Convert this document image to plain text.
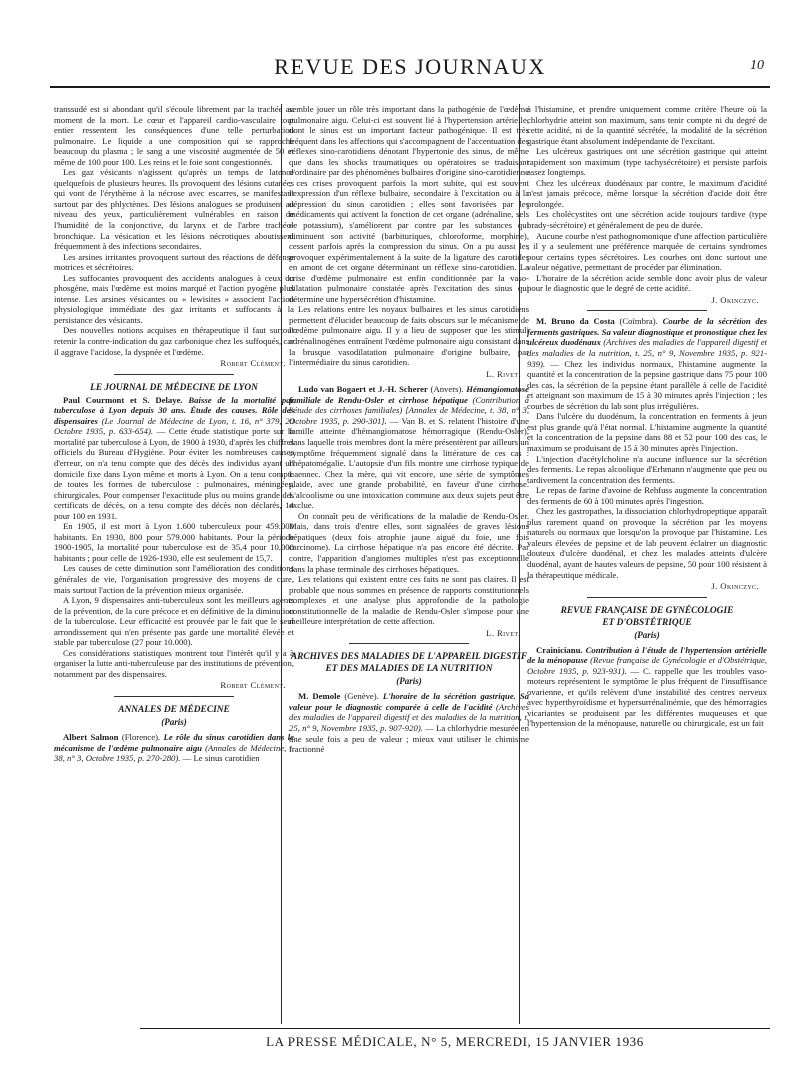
REVUE DES JOURNAUX	10

transsudé est si abondant qu'il s'écoule librement par la trachée au moment de la mort. Le cœur et l'appareil cardio-vasculaire tout entier ressentent les conséquences d'une telle perturbation pulmonaire. Le liquide a une composition qui se rapproche beaucoup du plasma ; le sang a une viscosité augmentée de 50 et même de 100 pour 100. Les reins et le foie sont congestionnés.

Les gaz vésicants n'agissent qu'après un temps de latence quelquefois de plusieurs heures. Ils provoquent des lésions cutanées qui vont de l'érythème à la nécrose avec escarres, se manifestant surtout par des phlyctènes. Des lésions analogues se produisent au niveau des yeux, particulièrement vulnérables en raison de l'humidité de la conjonctive, du larynx et de l'arbre trachéo-bronchique. La vésication et les lésions nécrotiques aboutissent fréquemment à des infections secondaires.

Les arsines irritantes provoquent surtout des réactions de défense motrices et sécrétoires.

Les suffocantes provoquent des accidents analogues à ceux du phosgène, mais l'œdème est moins marqué et l'action pyogène plus intense. Les arsines vésicantes ou « lewisites » associent l'action physiologique immédiate des gaz irritants et suffocants à la persistance des vésicants.

Des nouvelles notions acquises en thérapeutique il faut surtout retenir la contre-indication du gaz carbonique chez les suffoqués, car il aggrave l'acidose, la dyspnée et l'œdème.

Robert Clément.
LE JOURNAL DE MÉDECINE DE LYON

Paul Courmont et S. Delaye. Baisse de la mortalité par tuberculose à Lyon depuis 30 ans. Étude des causes. Rôle des dispensaires (Le Journal de Médecine de Lyon, t. 16, n° 379, 20 Octobre 1935, p. 633-654). — Cette étude statistique porte sur la mortalité par tuberculose à Lyon, de 1900 à 1930, d'après les chiffres officiels du Bureau d'Hygiène. Pour éviter les nombreuses causes d'erreur, on n'a tenu compte que des décès des individus ayant un domicile fixe dans Lyon même et morts à Lyon. On a tenu compte de toutes les formes de tuberculose : pulmonaires, méningées, chirurgicales. Pour compenser l'exactitude plus ou moins grande des certificats de décès, on a tenu compte des décès non déclarés, 14 pour 100 en 1931.

En 1905, il est mort à Lyon 1.600 tuberculeux pour 459.000 habitants. En 1930, 800 pour 579.000 habitants. Pour la période 1900-1905, la mortalité pour tuberculose est de 35,4 pour 10.000 habitants ; pour celle de 1926-1930, elle est seulement de 15,7.

Les causes de cette diminution sont l'amélioration des conditions générales de vie, l'organisation progressive des moyens de cure, mais surtout l'action de la prévention mieux organisée.

A Lyon, 9 dispensaires anti-tuberculeux sont les meilleurs agents de la prévention, de la cure précoce et en définitive de la diminution de la tuberculose. Leur efficacité est prouvée par le fait que le seul arrondissement qui n'en présente pas garde une mortalité élevée et stable par tuberculose (27 pour 10.000).

Ces considérations statistiques montrent tout l'intérêt qu'il y a à organiser la lutte anti-tuberculeuse par des institutions de prévention, notamment par des dispensaires.

Robert Clément.
ANNALES DE MÉDECINE
(Paris)

Albert Salmon (Florence). Le rôle du sinus carotidien dans le mécanisme de l'œdème pulmonaire aigu (Annales de Médecine, t. 38, n° 3, Octobre 1935, p. 270-280). — Le sinus carotidien

semble jouer un rôle très important dans la pathogénie de l'œdème pulmonaire aigu. Celui-ci est souvent lié à l'hypertension artérielle, dont le sinus est un important facteur pathogénique. Il est très fréquent dans les affections qui s'accompagnent de l'accentuation des réflexes sino-carotidiens dénotant l'hypertonie des sinus, de même que dans les shocks traumatiques ou opératoires se traduisant d'ordinaire par des phénomènes bulbaires d'origine sino-carotidienne ; ces crises provoquent parfois la mort subite, qui est souvent l'expression d'un réflexe bulbaire, secondaire à l'excitation ou à la dépression du sinus carotidien ; elles sont favorisées par les médicaments qui activent la fonction de cet organe (adrénaline, sels de potassium), s'améliorent par contre par les substances qui diminuent son activité (barbituriques, chloroforme, morphine), cessent parfois après la compression du sinus. On a pu aussi les provoquer expérimentalement à la suite de la ligature des carotides en amont de cet organe déterminant un réflexe sino-carotidien. La crise d'œdème pulmonaire est enfin conditionnée par la vaso-dilatation pulmonaire constatée après l'excitation des sinus qui détermine une hypersécrétion d'histamine.

Les relations entre les noyaux bulbaires et les sinus carotidiens permettent d'élucider beaucoup de faits obscurs sur le mécanisme de l'œdème pulmonaire aigu. Il y a lieu de supposer que les stimuli adrénalinogènes entraînent l'œdème pulmonaire aigu consistant dans la brusque vasodilatation pulmonaire d'origine bulbaire, par l'intermédiaire du sinus carotidien.

L. Rivet.

Ludo van Bogaert et J.-H. Scherer (Anvers). Hémangiomatose familiale de Rendu-Osler et cirrhose hépatique (Contribution à l'étude des cirrhoses familiales) [Annales de Médecine, t. 38, n° 3, Octobre 1935, p. 290-301]. — Van B. et S. relatent l'histoire d'une famille atteinte d'hémangiomatose hémorragique (Rendu-Osler), dans laquelle trois membres dont la mère présentèrent par ailleurs un symptôme fréquemment signalé dans la littérature de ces cas : l'hépatomégalie. L'autopsie d'un fils montre une cirrhose typique de Laennec. Chez la mère, qui vit encore, une série de symptômes plaide, avec une grande probabilité, en faveur d'une cirrhose. L'alcoolisme ou une intoxication commune aux deux sujets peut être exclue.

On connaît peu de vérifications de la maladie de Rendu-Osler. Mais, dans trois d'entre elles, sont signalées de graves lésions hépatiques (deux fois atrophie jaune aiguë du foie, une fois carcinome). La cirrhose hépatique n'a pas encore été décrite. Par contre, l'apparition d'angiomes multiples n'est pas exceptionnelle dans la phase terminale des cirrhoses hépatiques.

Les relations qui existent entre ces faits ne sont pas claires. Il est probable que nous sommes en présence de rapports constitutionnels complexes et une analyse plus approfondie de la pathologie constitutionnelle de la maladie de Rendu-Osler s'impose pour une meilleure interprétation de cette affection.

L. Rivet.
ARCHIVES DES MALADIES DE L'APPAREIL DIGESTIF
ET DES MALADIES DE LA NUTRITION
(Paris)

M. Demole (Genève). L'horaire de la sécrétion gastrique. Sa valeur pour le diagnostic comparée à celle de l'acidité (Archives des maladies de l'appareil digestif et des maladies de la nutrition, t. 25, n° 9, Novembre 1935, p. 907-920). — La chlorhydrie mesurée en une seule fois a peu de valeur ; mieux vaut utiliser le chimisme fractionné

à l'histamine, et prendre uniquement comme critère l'heure où la chlorhydrie atteint son maximum, sans tenir compte ni du degré de cette acidité, ni de la quantité sécrétée, la modalité de la sécrétion gastrique étant absolument indépendante de l'excitant.

Les ulcéreux gastriques ont une sécrétion gastrique qui atteint rapidement son maximum (type tachysécrétoire) et persiste parfois assez longtemps.

Chez les ulcéreux duodénaux par contre, le maximum d'acidité n'est jamais précoce, même lorsque la sécrétion d'acide doit être prolongée.

Les cholécystites ont une sécrétion acide toujours tardive (type brady-sécrétoire) et généralement de peu de durée.

Aucune courbe n'est pathognomonique d'une affection particulière ; il y a seulement une préférence marquée de certains syndromes pour certains types sécrétoires. Les courbes ont donc surtout une valeur négative, permettant de procéder par élimination.

L'horaire de la sécrétion acide semble donc avoir plus de valeur pour le diagnostic que le degré de cette acidité.

J. Okinczyc.

M. Bruno da Costa (Coïmbra). Courbe de la sécrétion des ferments gastriques. Sa valeur diagnostique et pronostique chez les ulcéreux duodénaux (Archives des maladies de l'appareil digestif et des maladies de la nutrition, t. 25, n° 9, Novembre 1935, p. 921-939). — Chez les individus normaux, l'histamine augmente la quantité et la concentration de la pepsine gastrique dans 75 pour 100 des cas, la sécrétion de la pepsine étant parallèle à celle de l'acidité et atteignant son maximum de 15 à 30 minutes après l'injection ; les courbes de sécrétion du lab sont plus irrégulières.

Dans l'ulcère du duodénum, la concentration en ferments à jeun est plus grande qu'à l'état normal. L'histamine augmente la quantité et la concentration de la pepsine dans 88 et 52 pour 100 des cas, le maximum se produisant de 15 à 30 minutes après l'injection.

L'injection d'acétylcholine n'a aucune influence sur la sécrétion des ferments. Le repas alcoolique d'Erhmann n'augmente que peu ou tardivement la concentration des ferments.

Le repas de farine d'avoine de Rehfuss augmente la concentration des ferments de 60 à 100 minutes après l'ingestion.

Chez les gastropathes, la dissociation chlorhydropeptique apparaît plus rarement quand on provoque la sécrétion par les moyens naturels ou normaux que lorsqu'on la provoque par l'histamine. Les valeurs élevées de pepsine et de lab peuvent éclairer un diagnostic douteux d'ulcère duodénal, et chez les malades atteints d'ulcère duodénal, ayant de hautes valeurs de pepsine, 50 pour 100 résistent à la thérapeutique médicale.

J. Okinczyc.
REVUE FRANÇAISE DE GYNÉCOLOGIE
ET D'OBSTÉTRIQUE
(Paris)

Crainicianu. Contribution à l'étude de l'hypertension artérielle de la ménopause (Revue française de Gynécologie et d'Obstétrique, Octobre 1935, p. 923-931). — C. rappelle que les troubles vaso-moteurs représentent le symptôme le plus fréquent de l'insuffisance ovarienne, et qu'ils relèvent d'une instabilité des centres nerveux avec hyperthyroïdisme et hypersurrénalinémie, que des hémorragies vicariantes se produisent par les différentes muqueuses et que l'hypertension de la ménopause, naturelle ou chirurgicale, est un fait

LA PRESSE MÉDICALE, N° 5, MERCREDI, 15 JANVIER 1936
